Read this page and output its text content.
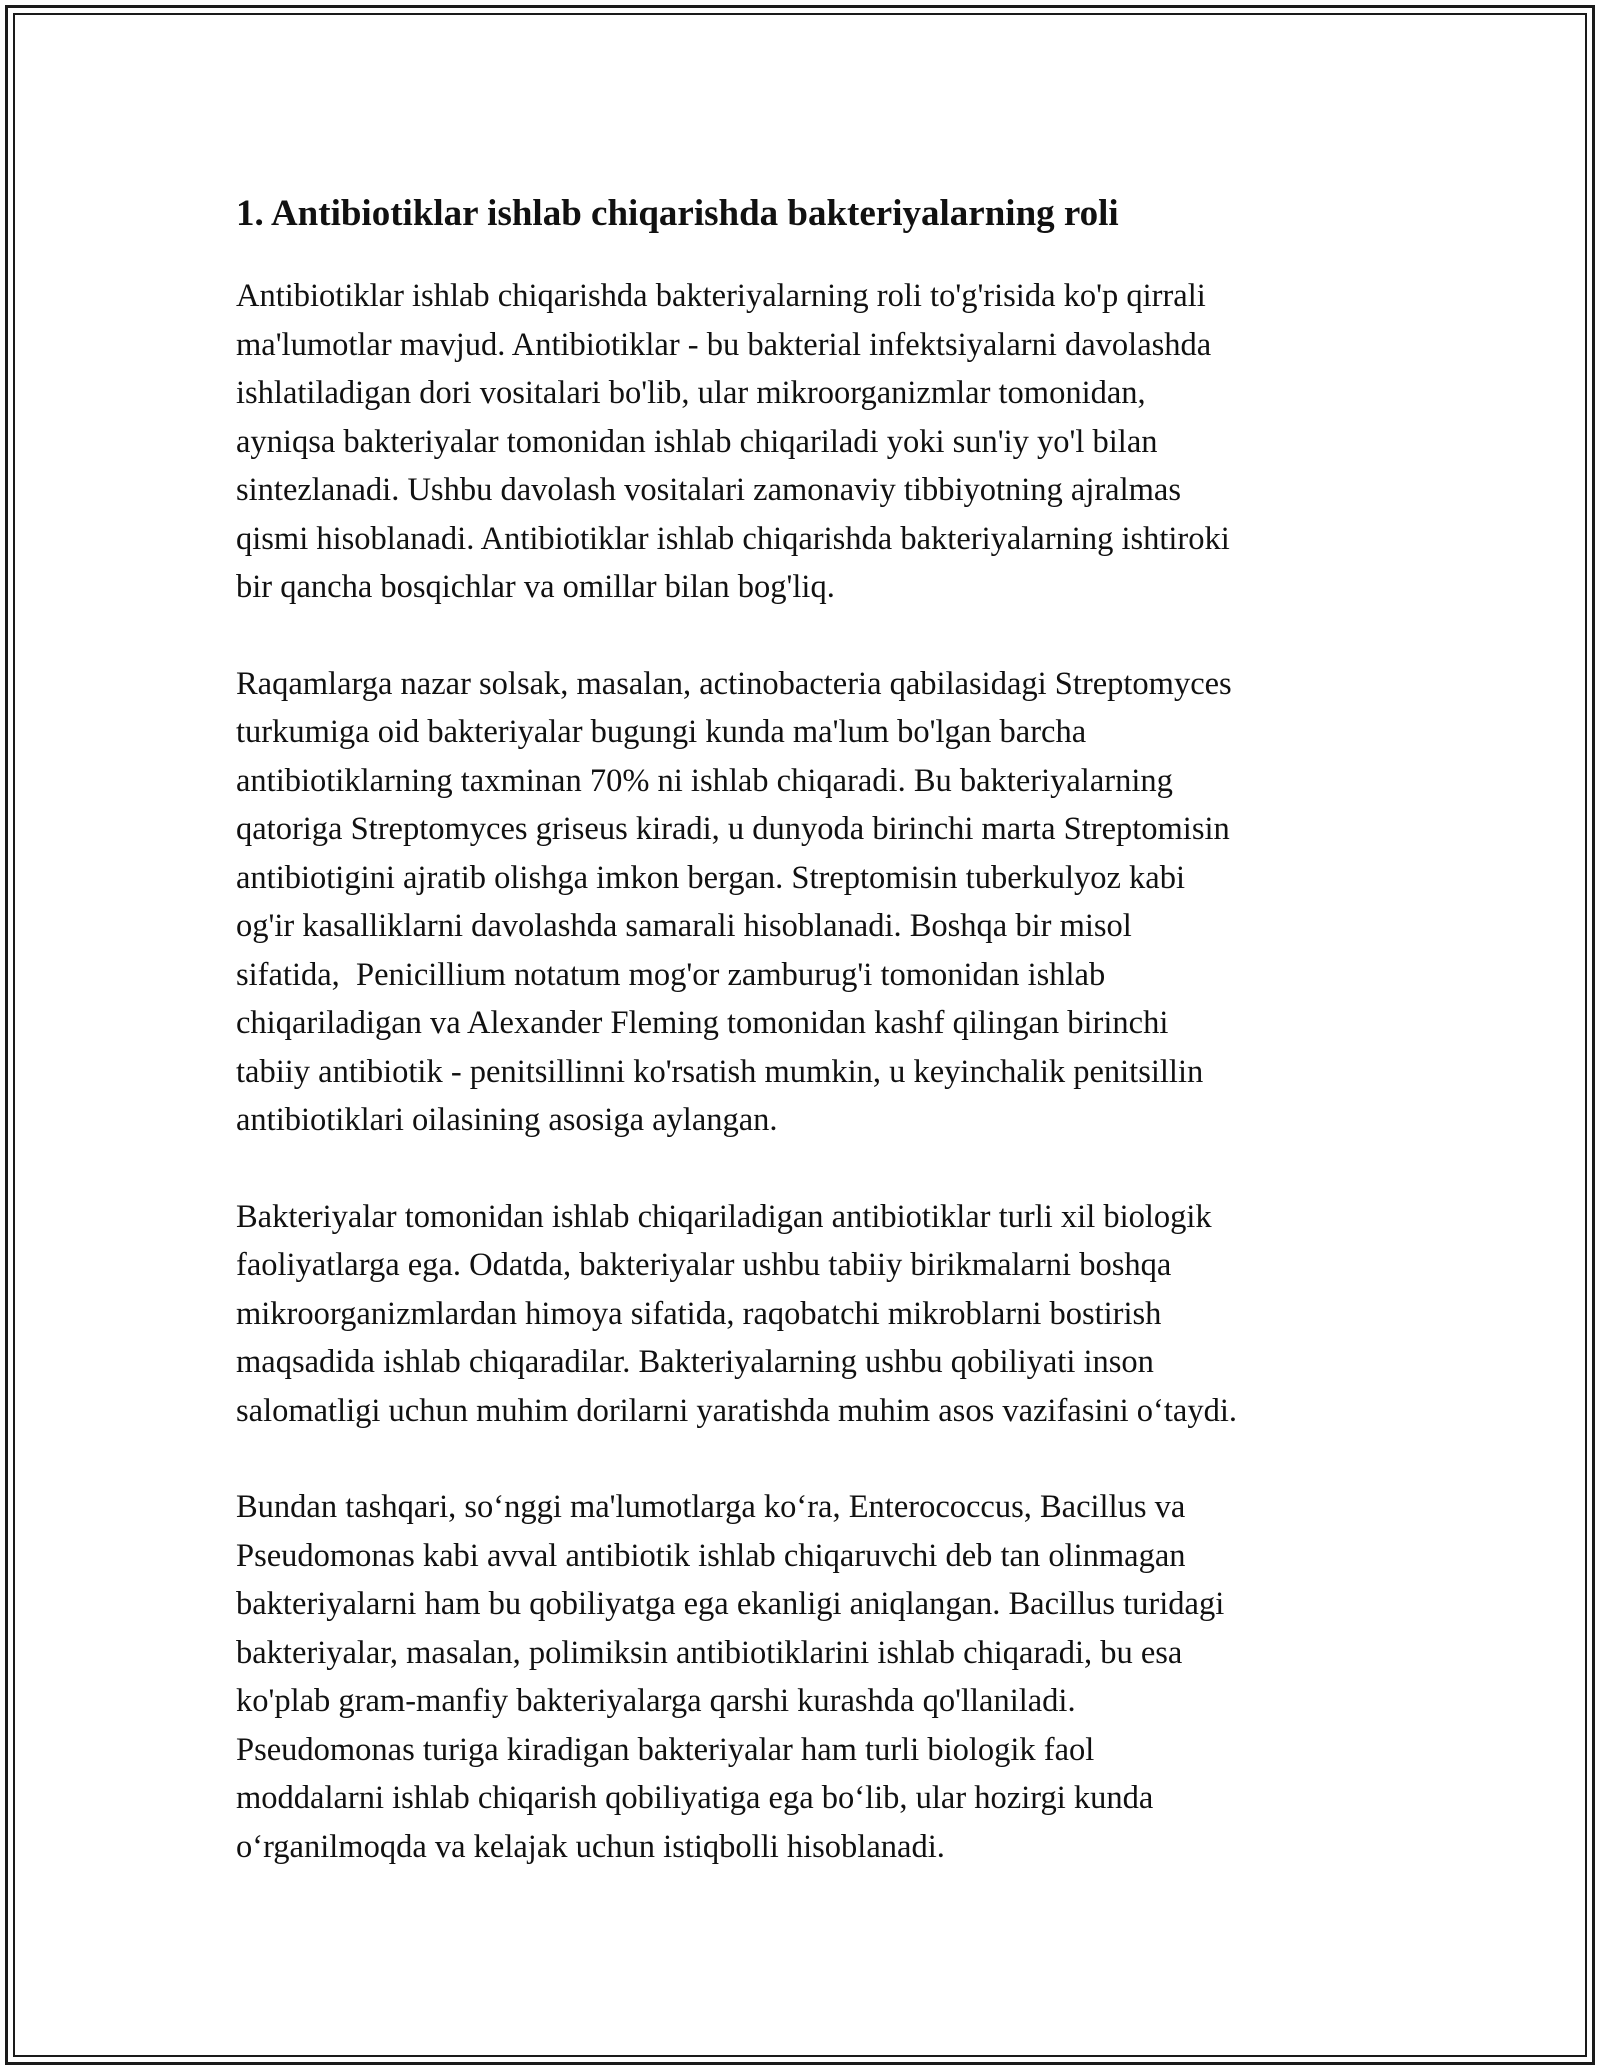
1. Antibiotiklar ishlab chiqarishda bakteriyalarning roli

Antibiotiklar ishlab chiqarishda bakteriyalarning roli to'g'risida ko'p qirrali
ma'lumotlar mavjud. Antibiotiklar - bu bakterial infektsiyalarni davolashda
ishlatiladigan dori vositalari bo'lib, ular mikroorganizmlar tomonidan,
ayniqsa bakteriyalar tomonidan ishlab chiqariladi yoki sun'iy yo'l bilan
sintezlanadi. Ushbu davolash vositalari zamonaviy tibbiyotning ajralmas
qismi hisoblanadi. Antibiotiklar ishlab chiqarishda bakteriyalarning ishtiroki
bir qancha bosqichlar va omillar bilan bog'liq.

Raqamlarga nazar solsak, masalan, actinobacteria qabilasidagi Streptomyces
turkumiga oid bakteriyalar bugungi kunda ma'lum bo'lgan barcha
antibiotiklarning taxminan 70% ni ishlab chiqaradi. Bu bakteriyalarning
qatoriga Streptomyces griseus kiradi, u dunyoda birinchi marta Streptomisin
antibiotigini ajratib olishga imkon bergan. Streptomisin tuberkulyoz kabi
og'ir kasalliklarni davolashda samarali hisoblanadi. Boshqa bir misol
sifatida,  Penicillium notatum mog'or zamburug'i tomonidan ishlab
chiqariladigan va Alexander Fleming tomonidan kashf qilingan birinchi
tabiiy antibiotik - penitsillinni ko'rsatish mumkin, u keyinchalik penitsillin
antibiotiklari oilasining asosiga aylangan.

Bakteriyalar tomonidan ishlab chiqariladigan antibiotiklar turli xil biologik
faoliyatlarga ega. Odatda, bakteriyalar ushbu tabiiy birikmalarni boshqa
mikroorganizmlardan himoya sifatida, raqobatchi mikroblarni bostirish
maqsadida ishlab chiqaradilar. Bakteriyalarning ushbu qobiliyati inson
salomatligi uchun muhim dorilarni yaratishda muhim asos vazifasini o‘taydi.

Bundan tashqari, so‘nggi ma'lumotlarga ko‘ra, Enterococcus, Bacillus va
Pseudomonas kabi avval antibiotik ishlab chiqaruvchi deb tan olinmagan
bakteriyalarni ham bu qobiliyatga ega ekanligi aniqlangan. Bacillus turidagi
bakteriyalar, masalan, polimiksin antibiotiklarini ishlab chiqaradi, bu esa
ko'plab gram-manfiy bakteriyalarga qarshi kurashda qo'llaniladi.
Pseudomonas turiga kiradigan bakteriyalar ham turli biologik faol
moddalarni ishlab chiqarish qobiliyatiga ega bo‘lib, ular hozirgi kunda
o‘rganilmoqda va kelajak uchun istiqbolli hisoblanadi.
